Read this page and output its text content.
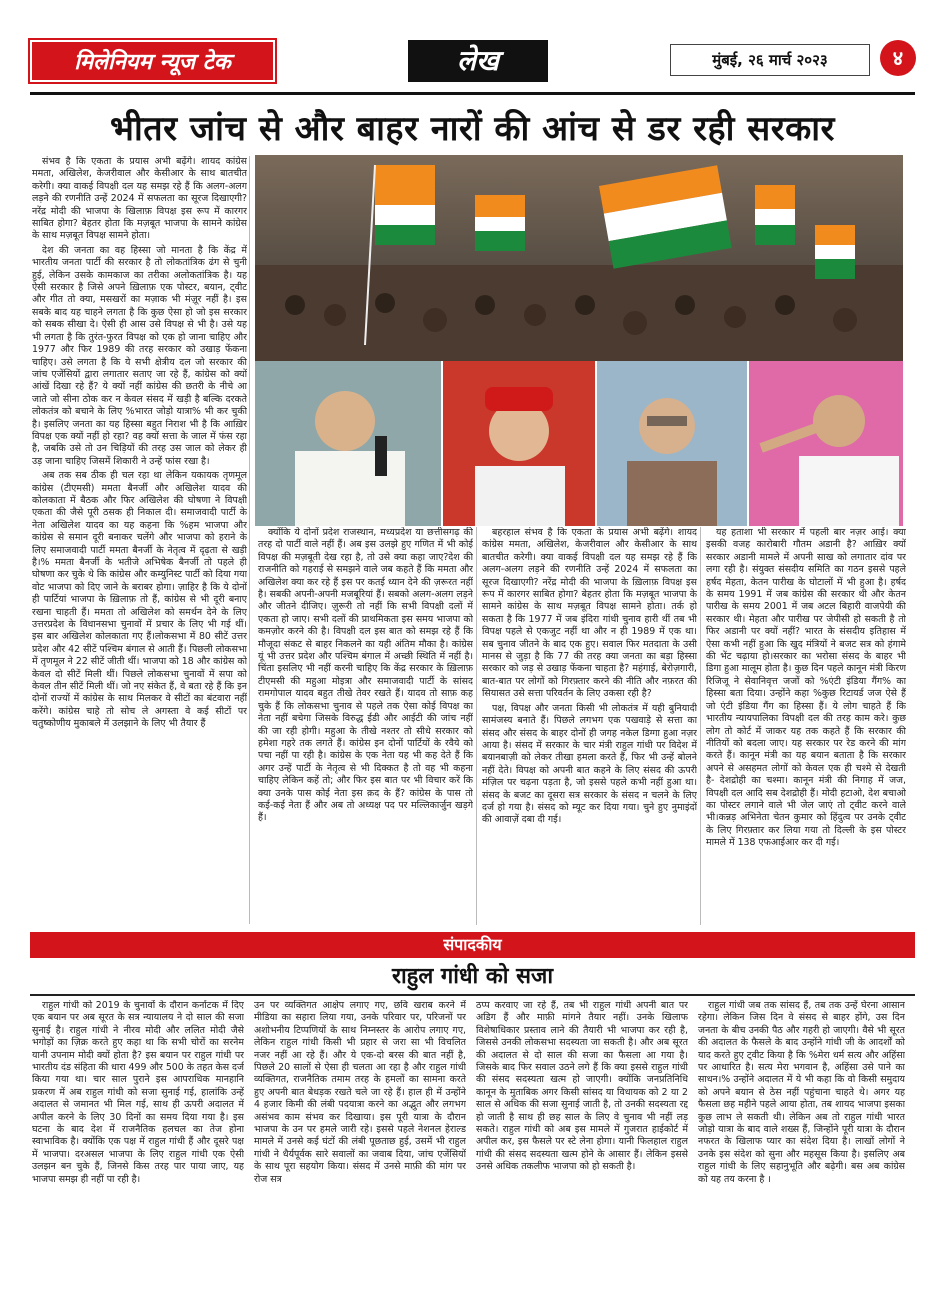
मिलेनियम न्यूज टेक	लेख	मुंबई, २६ मार्च २०२३	४
भीतर जांच से और बाहर नारों की आंच से डर रही सरकार

संभव है कि एकता के प्रयास अभी बढ़ेंगे। शायद कांग्रेस ममता, अखिलेश, केजरीवाल और केसीआर के साथ बातचीत करेगी। क्या वाकई विपक्षी दल यह समझ रहे हैं कि अलग-अलग लड़ने की रणनीति उन्हें 2024 में सफलता का सूरज दिखाएगी? नरेंद्र मोदी की भाजपा के खिलाफ़ विपक्ष इस रूप में कारगर साबित होगा? बेहतर होता कि मज़बूत भाजपा के सामने कांग्रेस के साथ मज़बूत विपक्ष सामने होता।

देश की जनता का वह हिस्सा जो मानता है कि केंद्र में भारतीय जनता पार्टी की सरकार है तो लोकतांत्रिक ढंग से चुनी हुई, लेकिन उसके कामकाज का तरीका अलोकतांत्रिक है। यह ऐसी सरकार है जिसे अपने ख़िलाफ़ एक पोस्टर, बयान, ट्वीट और गीत तो क्या, मसखरों का मज़ाक भी मंज़ूर नहीं है। इस सबके बाद यह चाहने लगता है कि कुछ ऐसा हो जो इस सरकार को सबक सीखा दे। ऐसी ही आस उसे विपक्ष से भी है। उसे यह भी लगता है कि तुरंत-फुरत विपक्ष को एक हो जाना चाहिए और 1977 और फिर 1989 की तरह सरकार को उखाड़ फेंकना चाहिए। उसे लगता है कि ये सभी क्षेत्रीय दल जो सरकार की जांच एजेंसियों द्वारा लगातार सताए जा रहे हैं, कांग्रेस को क्यों आंखें दिखा रहे हैं? ये क्यों नहीं कांग्रेस की छतरी के नीचे आ जाते जो सीना ठोक कर न केवल संसद में खड़ी है बल्कि दरकते लोकतंत्र को बचाने के लिए %भारत जोड़ो यात्रा% भी कर चुकी है। इसलिए जनता का यह हिस्सा बहुत निराश भी है कि आख़िर विपक्ष एक क्यों नहीं हो रहा? वह क्यों सत्ता के जाल में फंस रहा है, जबकि उसे तो उन चिड़ियों की तरह उस जाल को लेकर ही उड़ जाना चाहिए जिसमें शिकारी ने उन्हें फांस रखा है।

अब तक सब ठीक ही चल रहा था लेकिन यकायक तृणमूल कांग्रेस (टीएमसी) ममता बैनर्जी और अखिलेश यादव की कोलकाता में बैठक और फिर अखिलेश की घोषणा ने विपक्षी एकता की जैसे पूरी ठसक ही निकाल दी। समाजवादी पार्टी के नेता अखिलेश यादव का यह कहना कि %हम भाजपा और कांग्रेस से समान दूरी बनाकर चलेंगे और भाजपा को हराने के लिए समाजवादी पार्टी ममता बैनर्जी के नेतृत्व में दृढ़ता से खड़ी है।% ममता बैनर्जी के भतीजे अभिषेक बैनर्जी तो पहले ही घोषणा कर चुके थे कि कांग्रेस और कम्युनिस्ट पार्टी को दिया गया वोट भाजपा को दिए जाने के बराबर होगा। ज़ाहिर है कि ये दोनों ही पार्टियां भाजपा के ख़िलाफ़ तो हैं, कांग्रेस से भी दूरी बनाए रखना चाहती हैं। ममता तो अखिलेश को समर्थन देने के लिए उत्तरप्रदेश के विधानसभा चुनावों में प्रचार के लिए भी गई थीं। इस बार अखिलेश कोलकाता गए हैं।लोकसभा में 80 सीटें उत्तर प्रदेश और 42 सीटें पश्चिम बंगाल से आती हैं। पिछली लोकसभा में तृणमूल ने 22 सीटें जीती थीं। भाजपा को 18 और कांग्रेस को केवल दो सीटें मिली थीं। पिछले लोकसभा चुनावों में सपा को केवल तीन सीटें मिली थीं। जो नए संकेत हैं, वे बता रहे हैं कि इन दोनों राज्यों में कांग्रेस के साथ मिलकर वे सीटों का बंटवारा नहीं करेंगे। कांग्रेस चाहे तो सोच ले अगस्ता वे कई सीटों पर चतुष्कोणीय मुकाबले में उलझाने के लिए भी तैयार हैं

क्योंकि ये दोनों प्रदेश राजस्थान, मध्यप्रदेश या छत्तीसगढ़ की तरह दो पार्टी वाले नहीं हैं। अब इस उलझे हुए गणित में भी कोई विपक्ष की मज़बूती देख रहा है, तो उसे क्या कहा जाए?देश की राजनीति को गहराई से समझने वाले जब कहते हैं कि ममता और अखिलेश क्या कर रहे हैं इस पर कतई ध्यान देने की ज़रूरत नहीं है। सबकी अपनी-अपनी मजबूरियां हैं। सबको अलग-अलग लड़ने और जीतने दीजिए। ज़ुरूरी तो नहीं कि सभी विपक्षी दलों में एकता हो जाए। सभी दलों की प्राथमिकता इस समय भाजपा को कमज़ोर करने की है। विपक्षी दल इस बात को समझ रहे हैं कि मौजूदा संकट से बाहर निकलने का यही अंतिम मौका है। कांग्रेस यूं भी उत्तर प्रदेश और पश्चिम बंगाल में अच्छी स्थिति में नहीं है। चिंता इसलिए भी नहीं करनी चाहिए कि केंद्र सरकार के ख़िलाफ़ टीएमसी की महुआ मोइत्रा और समाजवादी पार्टी के सांसद रामगोपाल यादव बहुत तीखे तेवर रखते हैं। यादव तो साफ़ कह चुके हैं कि लोकसभा चुनाव से पहले तक ऐसा कोई विपक्ष का नेता नहीं बचेगा जिसके विरुद्ध ईडी और आईटी की जांच नहीं की जा रही होगी। महुआ के तीखे नश्तर तो सीधे सरकार को हमेशा गहरे तक लगते हैं। कांग्रेस इन दोनों पार्टियों के रवैये को पचा नहीं पा रही है। कांग्रेस के एक नेता यह भी कह देते हैं कि अगर उन्हें पार्टी के नेतृत्व से भी दिक्कत है तो वह भी कहना चाहिए लेकिन कहें तो; और फिर इस बात पर भी विचार करें कि क्या उनके पास कोई नेता इस क़द के हैं? कांग्रेस के पास तो कई-कई नेता हैं और अब तो अध्यक्ष पद पर मल्लिकार्जुन खड़गे हैं।

बहरहाल संभव है कि एकता के प्रयास अभी बढ़ेंगे। शायद कांग्रेस ममता, अखिलेश, केजरीवाल और केसीआर के साथ बातचीत करेगी। क्या वाकई विपक्षी दल यह समझ रहे हैं कि अलग-अलग लड़ने की रणनीति उन्हें 2024 में सफलता का सूरज दिखाएगी? नरेंद्र मोदी की भाजपा के ख़िलाफ़ विपक्ष इस रूप में कारगर साबित होगा? बेहतर होता कि मज़बूत भाजपा के सामने कांग्रेस के साथ मज़बूत विपक्ष सामने होता। तर्क हो सकता है कि 1977 में जब इंदिरा गांधी चुनाव हारी थीं तब भी विपक्ष पहले से एकजुट नहीं था और न ही 1989 में एक था। सब चुनाव जीतने के बाद एक हुए। सवाल फिर मतदाता के उसी मानस से जुड़ा है कि 77 की तरह क्या जनता का बड़ा हिस्सा सरकार को जड़ से उखाड़ फेंकना चाहता है? महंगाई, बेरोज़गारी, बात-बात पर लोगों को गिरफ़्तार करने की नीति और नफ़रत की सियासत उसे सत्ता परिवर्तन के लिए उकसा रही है?

पक्ष, विपक्ष और जनता किसी भी लोकतंत्र में यही बुनियादी सामंजस्य बनाते हैं। पिछले लगभग एक पखवाड़े से सत्ता का संसद और संसद के बाहर दोनों ही जगह नकेल डिग्गा हुआ नज़र आया है। संसद में सरकार के चार मंत्री राहुल गांधी पर विदेश में बयानबाज़ी को लेकर तीखा हमला करते हैं, फिर भी उन्हें बोलने नहीं देते। विपक्ष को अपनी बात कहने के लिए संसद की ऊपरी मंज़िल पर चढ़ना पड़ता है, जो इससे पहले कभी नहीं हुआ था। संसद के बजट का दूसरा सत्र सरकार के संसद न चलने के लिए दर्ज हो गया है। संसद को म्यूट कर दिया गया। चुने हुए नुमाइंदों की आवाज़ें दबा दी गई।

यह हताशा भी सरकार में पहली बार नज़र आई। क्या इसकी वजह कारोबारी गौतम अडानी है? आख़िर क्यों सरकार अडानी मामले में अपनी साख को लगातार दांव पर लगा रही है। संयुक्त संसदीय समिति का गठन इससे पहले हर्षद मेहता, केतन पारीख के घोटालों में भी हुआ है। हर्षद के समय 1991 में जब कांग्रेस की सरकार थी और केतन पारीख के समय 2001 में जब अटल बिहारी वाजपेयी की सरकार थी। मेहता और पारीख पर जेपीसी हो सकती है तो फिर अडानी पर क्यों नहीं? भारत के संसदीय इतिहास में ऐसा कभी नहीं हुआ कि खुद मंत्रियों ने बजट सत्र को हंगामे की भेंट चढ़ाया हो।सरकार का भरोसा संसद के बाहर भी डिगा हुआ मालूम होता है। कुछ दिन पहले कानून मंत्री किरण रिजिजू ने सेवानिवृत्त जजों को %एंटी इंडिया गैंग% का हिस्सा बता दिया। उन्होंने कहा %कुछ रिटायर्ड जज ऐसे हैं जो एंटी इंडिया गैंग का हिस्सा हैं। ये लोग चाहते हैं कि भारतीय न्यायपालिका विपक्षी दल की तरह काम करे। कुछ लोग तो कोर्ट में जाकर यह तक कहते हैं कि सरकार की नीतियों को बदला जाए। यह सरकार पर रेड करने की मांग करते हैं। कानून मंत्री का यह बयान बताता है कि सरकार अपने से असहमत लोगों को केवल एक ही चश्मे से देखती है- देशद्रोही का चश्मा। कानून मंत्री की निगाह में जज, विपक्षी दल आदि सब देशद्रोही हैं। मोदी हटाओ, देश बचाओ का पोस्टर लगाने वाले भी जेल जाएं तो ट्वीट करने वाले भी।कन्नड़ अभिनेता चेतन कुमार को हिंदुत्व पर उनके ट्वीट के लिए गिरफ़्तार कर लिया गया तो दिल्ली के इस पोस्टर मामले में 138 एफआईआर कर दी गई।

संपादकीय
राहुल गांधी को सजा
राहुल गांधी को 2019 के चुनावों के दौरान कर्नाटक में दिए एक बयान पर अब सूरत के सत्र न्यायालय ने दो साल की सजा सुनाई है। राहुल गांधी ने नीरव मोदी और ललित मोदी जैसे भगोड़ों का ज़िक्र करते हुए कहा था कि सभी चोरों का सरनेम यानी उपनाम मोदी क्यों होता है? इस बयान पर राहुल गांधी पर भारतीय दंड संहिता की धारा 499 और 500 के तहत केस दर्ज किया गया था। चार साल पुराने इस आपराधिक मानहानि प्रकरण में अब राहुल गांधी को सजा सुनाई गई, हालांकि उन्हें अदालत से जमानत भी मिल गई, साथ ही ऊपरी अदालत में अपील करने के लिए 30 दिनों का समय दिया गया है। इस घटना के बाद देश में राजनैतिक हलचल का तेज होना स्वाभाविक है। क्योंकि एक पक्ष में राहुल गांधी हैं और दूसरे पक्ष में भाजपा। दरअसल भाजपा के लिए राहुल गांधी एक ऐसी उलझन बन चुके हैं, जिनसे किस तरह पार पाया जाए, यह भाजपा समझ ही नहीं पा रही है।
उन पर व्यक्तिगत आक्षेप लगाए गए, छवि खराब करने में मीडिया का सहारा लिया गया, उनके परिवार पर, परिजनों पर अशोभनीय टिप्पणियों के साथ निम्नस्तर के आरोप लगाए गए, लेकिन राहुल गांधी किसी भी प्रहार से जरा सा भी विचलित नजर नहीं आ रहे हैं। और ये एक-दो बरस की बात नहीं है, पिछले 20 सालों से ऐसा ही चलता आ रहा है और राहुल गांधी व्यक्तिगत, राजनैतिक तमाम तरह के हमलों का सामना करते हुए अपनी बात बेधड़क रखते चले जा रहे हैं। हाल ही में उन्होंने 4 हजार किमी की लंबी पदयात्रा करने का अद्भुत और लगभग असंभव काम संभव कर दिखाया। इस पूरी यात्रा के दौरान भाजपा के उन पर हमले जारी रहे। इससे पहले नेशनल हेराल्ड मामले में उनसे कई घंटों की लंबी पूछताछ हुई, उसमें भी राहुल गांधी ने धैर्यपूर्वक सारे सवालों का जवाब दिया, जांच एजेंसियों के साथ पूरा सहयोग किया। संसद में उनसे माफ़ी की मांग पर रोज सत्र
ठप्प करवाए जा रहे हैं, तब भी राहुल गांधी अपनी बात पर अडिग हैं और माफ़ी मांगने तैयार नहीं। उनके खिलाफ विशेषाधिकार प्रस्ताव लाने की तैयारी भी भाजपा कर रही है, जिससे उनकी लोकसभा सदस्यता जा सकती है। और अब सूरत की अदालत से दो साल की सजा का फैसला आ गया है। जिसके बाद फिर सवाल उठने लगे हैं कि क्या इससे राहुल गांधी की संसद सदस्यता खत्म हो जाएगी। क्योंकि जनप्रतिनिधि कानून के मुताबिक अगर किसी सांसद या विधायक को 2 या 2 साल से अधिक की सजा सुनाई जाती है, तो उनकी सदस्यता रद्द हो जाती है साथ ही छह साल के लिए वे चुनाव भी नहीं लड़ सकते। राहुल गांधी को अब इस मामले में गुजरात हाईकोर्ट में अपील कर, इस फैसले पर स्टे लेना होगा। यानी फिलहाल राहुल गांधी की संसद सदस्यता खत्म होने के आसार हैं। लेकिन इससे उनसे अधिक तकलीफ भाजपा को हो सकती है।
राहुल गांधी जब तक सांसद हैं, तब तक उन्हें घेरना आसान रहेगा। लेकिन जिस दिन वे संसद से बाहर होंगे, उस दिन जनता के बीच उनकी पैठ और गहरी हो जाएगी। वैसे भी सूरत की अदालत के फैसले के बाद उन्होंने गांधी जी के आदर्शों को याद करते हुए ट्वीट किया है कि %मेरा धर्म सत्य और अहिंसा पर आधारित है। सत्य मेरा भगवान है, अहिंसा उसे पाने का साधन।% उन्होंने अदालत में ये भी कहा कि वो किसी समुदाय को अपने बयान से ठेस नहीं पहुंचाना चाहते थे। अगर यह फैसला छह महीने पहले आया होता, तब शायद भाजपा इसका कुछ लाभ ले सकती थी। लेकिन अब तो राहुल गांधी भारत जोड़ो यात्रा के बाद वाले शख्स हैं, जिन्होंने पूरी यात्रा के दौरान नफरत के खिलाफ प्यार का संदेश दिया है। लाखों लोगों ने उनके इस संदेश को सुना और महसूस किया है। इसलिए अब राहुल गांधी के लिए सहानुभूति और बढ़ेगी। बस अब कांग्रेस को यह तय करना है ।
